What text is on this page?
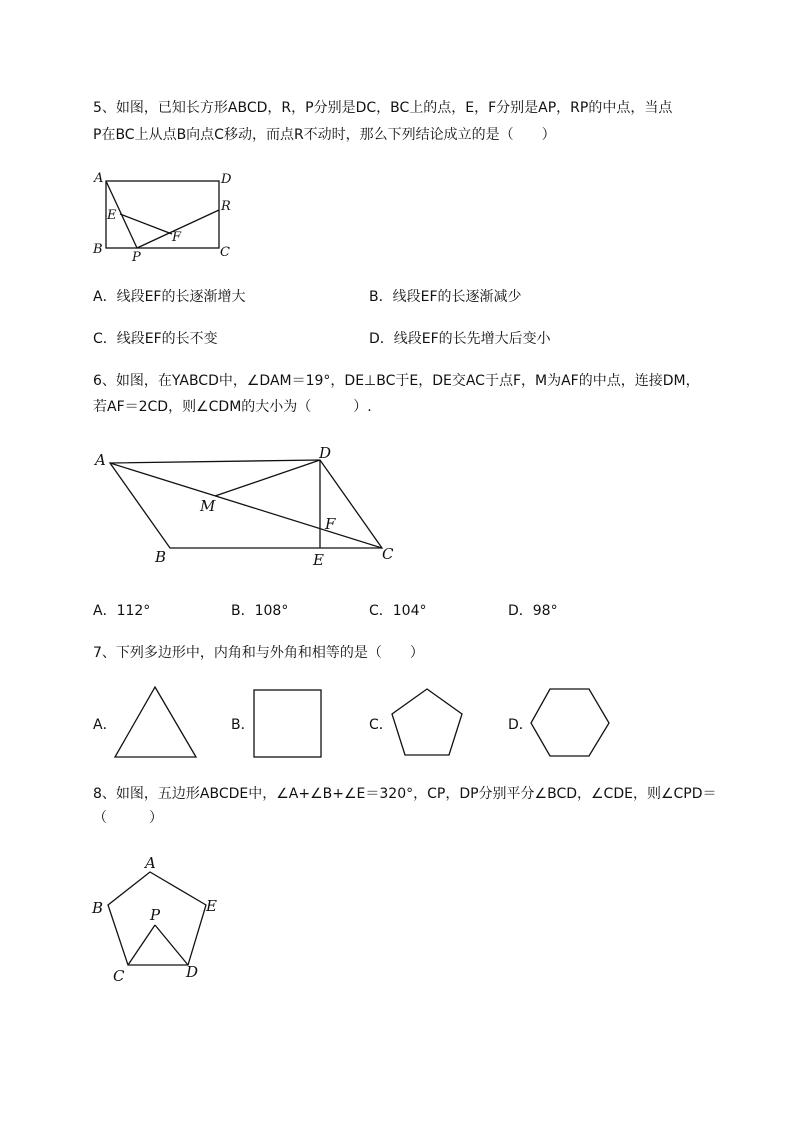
5、如图，已知长方形ABCD，R，P分别是DC，BC上的点，E，F分别是AP，RP的中点，当点
P在BC上从点B向点C移动，而点R不动时，那么下列结论成立的是（　　）
A	D
E
R
F
B
P	C
A．线段EF的长逐渐增大	B．线段EF的长逐渐减少
C．线段EF的长不变	D．线段EF的长先增大后变小
6、如图，在YABCD中，∠DAM＝19°，DE⊥BC于E，DE交AC于点F，M为AF的中点，连接DM，
若AF＝2CD，则∠CDM的大小为（　　　）.
A	D
M
F
B	E	C
A．112°	B．108°	C．104°	D．98°
7、下列多边形中，内角和与外角和相等的是（　　）
A．	B．	C．	D．
8、如图，五边形ABCDE中，∠A+∠B+∠E＝320°，CP，DP分别平分∠BCD，∠CDE，则∠CPD＝
（　　　）
A
B	E
P
C	D
